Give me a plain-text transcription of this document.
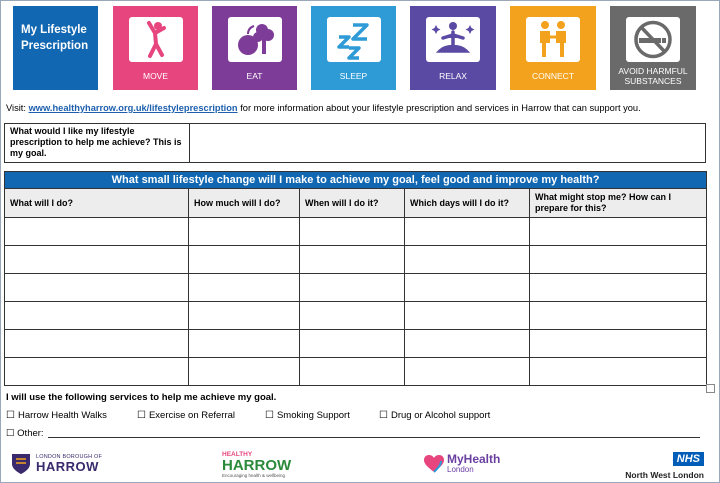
My Lifestyle Prescription
MOVE	EAT	SLEEP	RELAX	CONNECT	AVOID HARMFUL SUBSTANCES
Visit: www.healthyharrow.org.uk/lifestyleprescription for more information about your lifestyle prescription and services in Harrow that can support you.
What would I like my lifestyle prescription to help me achieve? This is my goal.
What small lifestyle change will I make to achieve my goal, feel good and improve my health?				
What will I do?	How much will I do?	When will I do it?	Which days will I do it?	What might stop me? How can I prepare for this?

I will use the following services to help me achieve my goal.
☐ Harrow Health Walks	☐ Exercise on Referral	☐ Smoking Support	☐ Drug or Alcohol support
☐ Other:
LONDON BOROUGH OF
HARROW
HEALTHY
HARROW
Encouraging health & wellbeing
MyHealth
London
NHS
North West London
